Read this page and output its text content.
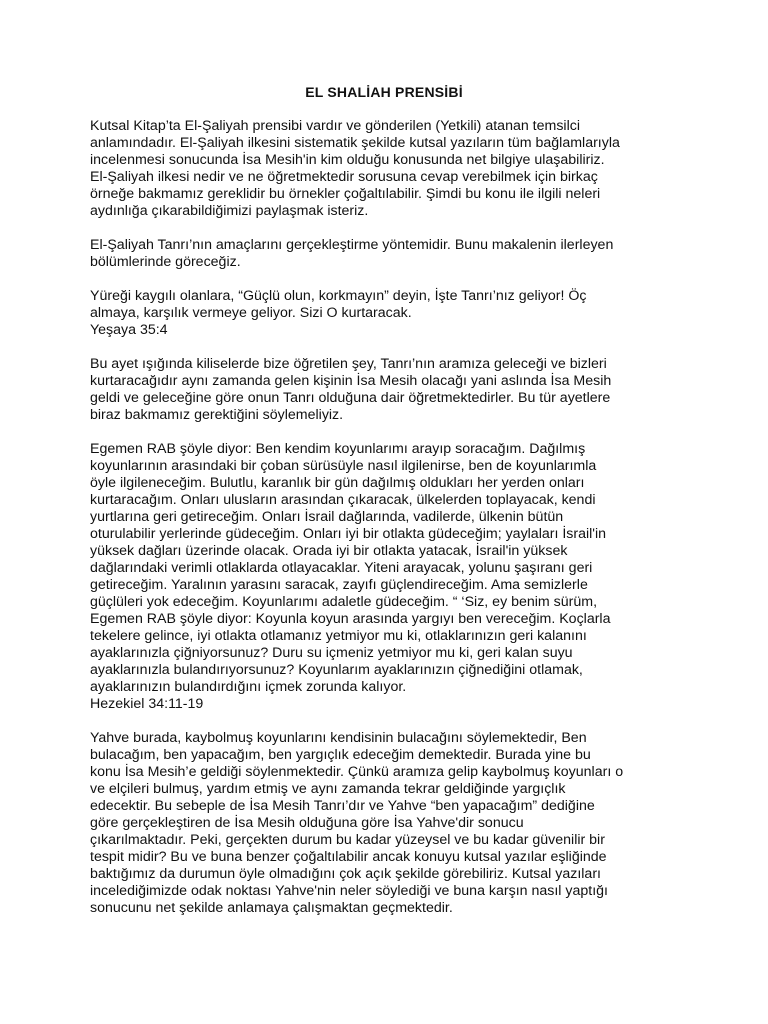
EL SHALİAH PRENSİBİ
Kutsal Kitap’ta El-Şaliyah prensibi vardır ve gönderilen (Yetkili) atanan temsilci
anlamındadır. El-Şaliyah ilkesini sistematik şekilde kutsal yazıların tüm bağlamlarıyla
incelenmesi sonucunda İsa Mesih'in kim olduğu konusunda net bilgiye ulaşabiliriz.
El-Şaliyah ilkesi nedir ve ne öğretmektedir sorusuna cevap verebilmek için birkaç
örneğe bakmamız gereklidir bu örnekler çoğaltılabilir. Şimdi bu konu ile ilgili neleri
aydınlığa çıkarabildiğimizi paylaşmak isteriz.
El-Şaliyah Tanrı’nın amaçlarını gerçekleştirme yöntemidir. Bunu makalenin ilerleyen
bölümlerinde göreceğiz.
Yüreği kaygılı olanlara, “Güçlü olun, korkmayın” deyin, İşte Tanrı’nız geliyor! Öç
almaya, karşılık vermeye geliyor. Sizi O kurtaracak.
Yeşaya 35:4
Bu ayet ışığında kiliselerde bize öğretilen şey, Tanrı’nın aramıza geleceği ve bizleri
kurtaracağıdır aynı zamanda gelen kişinin İsa Mesih olacağı yani aslında İsa Mesih
geldi ve geleceğine göre onun Tanrı olduğuna dair öğretmektedirler. Bu tür ayetlere
biraz bakmamız gerektiğini söylemeliyiz.
Egemen RAB şöyle diyor: Ben kendim koyunlarımı arayıp soracağım. Dağılmış
koyunlarının arasındaki bir çoban sürüsüyle nasıl ilgilenirse, ben de koyunlarımla
öyle ilgileneceğim. Bulutlu, karanlık bir gün dağılmış oldukları her yerden onları
kurtaracağım. Onları ulusların arasından çıkaracak, ülkelerden toplayacak, kendi
yurtlarına geri getireceğim. Onları İsrail dağlarında, vadilerde, ülkenin bütün
oturulabilir yerlerinde güdeceğim. Onları iyi bir otlakta güdeceğim; yaylaları İsrail'in
yüksek dağları üzerinde olacak. Orada iyi bir otlakta yatacak, İsrail'in yüksek
dağlarındaki verimli otlaklarda otlayacaklar. Yiteni arayacak, yolunu şaşıranı geri
getireceğim. Yaralının yarasını saracak, zayıfı güçlendireceğim. Ama semizlerle
güçlüleri yok edeceğim. Koyunlarımı adaletle güdeceğim. “ ‘Siz, ey benim sürüm,
Egemen RAB şöyle diyor: Koyunla koyun arasında yargıyı ben vereceğim. Koçlarla
tekelere gelince, iyi otlakta otlamanız yetmiyor mu ki, otlaklarınızın geri kalanını
ayaklarınızla çiğniyorsunuz? Duru su içmeniz yetmiyor mu ki, geri kalan suyu
ayaklarınızla bulandırıyorsunuz? Koyunlarım ayaklarınızın çiğnediğini otlamak,
ayaklarınızın bulandırdığını içmek zorunda kalıyor.
Hezekiel 34:11-19
Yahve burada, kaybolmuş koyunlarını kendisinin bulacağını söylemektedir, Ben
bulacağım, ben yapacağım, ben yargıçlık edeceğim demektedir. Burada yine bu
konu İsa Mesih’e geldiği söylenmektedir. Çünkü aramıza gelip kaybolmuş koyunları o
ve elçileri bulmuş, yardım etmiş ve aynı zamanda tekrar geldiğinde yargıçlık
edecektir. Bu sebeple de İsa Mesih Tanrı’dır ve Yahve “ben yapacağım” dediğine
göre gerçekleştiren de İsa Mesih olduğuna göre İsa Yahve'dir sonucu
çıkarılmaktadır. Peki, gerçekten durum bu kadar yüzeysel ve bu kadar güvenilir bir
tespit midir? Bu ve buna benzer çoğaltılabilir ancak konuyu kutsal yazılar eşliğinde
baktığımız da durumun öyle olmadığını çok açık şekilde görebiliriz. Kutsal yazıları
incelediğimizde odak noktası Yahve'nin neler söylediği ve buna karşın nasıl yaptığı
sonucunu net şekilde anlamaya çalışmaktan geçmektedir.
